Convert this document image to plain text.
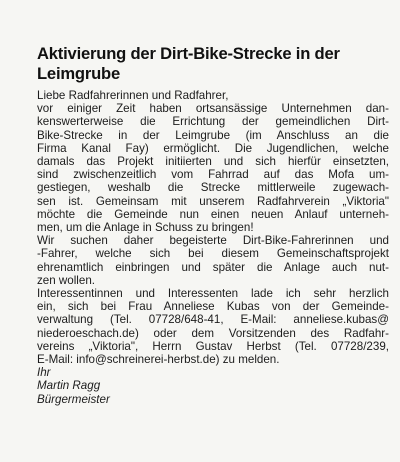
Aktivierung der Dirt-Bike-Strecke in der
Leimgrube
Liebe Radfahrerinnen und Radfahrer,
vor einiger Zeit haben ortsansässige Unternehmen dan-
kenswerterweise die Errichtung der gemeindlichen Dirt-
Bike-Strecke in der Leimgrube (im Anschluss an die
Firma Kanal Fay) ermöglicht. Die Jugendlichen, welche
damals das Projekt initiierten und sich hierfür einsetzten,
sind zwischenzeitlich vom Fahrrad auf das Mofa um-
gestiegen, weshalb die Strecke mittlerweile zugewach-
sen ist. Gemeinsam mit unserem Radfahrverein „Viktoria"
möchte die Gemeinde nun einen neuen Anlauf unterneh-
men, um die Anlage in Schuss zu bringen!
Wir suchen daher begeisterte Dirt-Bike-Fahrerinnen und
-Fahrer, welche sich bei diesem Gemeinschaftsprojekt
ehrenamtlich einbringen und später die Anlage auch nut-
zen wollen.
Interessentinnen und Interessenten lade ich sehr herzlich
ein, sich bei Frau Anneliese Kubas von der Gemeinde-
verwaltung (Tel. 07728/648-41, E-Mail: anneliese.kubas@
niederoeschach.de) oder dem Vorsitzenden des Radfahr-
vereins „Viktoria", Herrn Gustav Herbst (Tel. 07728/239,
E-Mail: info@schreinerei-herbst.de) zu melden.
Ihr
Martin Ragg
Bürgermeister
